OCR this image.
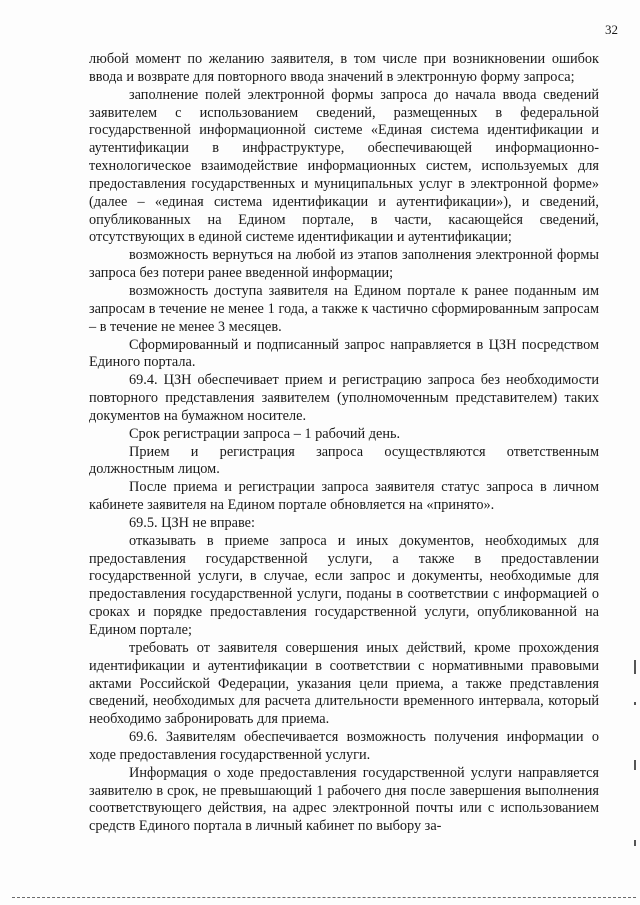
32

любой момент по желанию заявителя, в том числе при возникновении ошибок ввода и возврате для повторного ввода значений в электронную форму запроса;

заполнение полей электронной формы запроса до начала ввода сведений заявителем с использованием сведений, размещенных в федеральной государственной информационной системе «Единая система идентификации и аутентификации в инфраструктуре, обеспечивающей информационно-технологическое взаимодействие информационных систем, используемых для предоставления государственных и муниципальных услуг в электронной форме» (далее – «единая система идентификации и аутентификации»), и сведений, опубликованных на Едином портале, в части, касающейся сведений, отсутствующих в единой системе идентификации и аутентификации;

возможность вернуться на любой из этапов заполнения электронной формы запроса без потери ранее введенной информации;

возможность доступа заявителя на Едином портале к ранее поданным им запросам в течение не менее 1 года, а также к частично сформированным запросам – в течение не менее 3 месяцев.

Сформированный и подписанный запрос направляется в ЦЗН посредством Единого портала.

69.4. ЦЗН обеспечивает прием и регистрацию запроса без необходимости повторного представления заявителем (уполномоченным представителем) таких документов на бумажном носителе.

Срок регистрации запроса – 1 рабочий день.

Прием и регистрация запроса осуществляются ответственным должностным лицом.

После приема и регистрации запроса заявителя статус запроса в личном кабинете заявителя на Едином портале обновляется на «принято».

69.5. ЦЗН не вправе:

отказывать в приеме запроса и иных документов, необходимых для предоставления государственной услуги, а также в предоставлении государственной услуги, в случае, если запрос и документы, необходимые для предоставления государственной услуги, поданы в соответствии с информацией о сроках и порядке предоставления государственной услуги, опубликованной на Едином портале;

требовать от заявителя совершения иных действий, кроме прохождения идентификации и аутентификации в соответствии с нормативными правовыми актами Российской Федерации, указания цели приема, а также представления сведений, необходимых для расчета длительности временного интервала, который необходимо забронировать для приема.

69.6. Заявителям обеспечивается возможность получения информации о ходе предоставления государственной услуги.

Информация о ходе предоставления государственной услуги направляется заявителю в срок, не превышающий 1 рабочего дня после завершения выполнения соответствующего действия, на адрес электронной почты или с использованием средств Единого портала в личный кабинет по выбору за-
